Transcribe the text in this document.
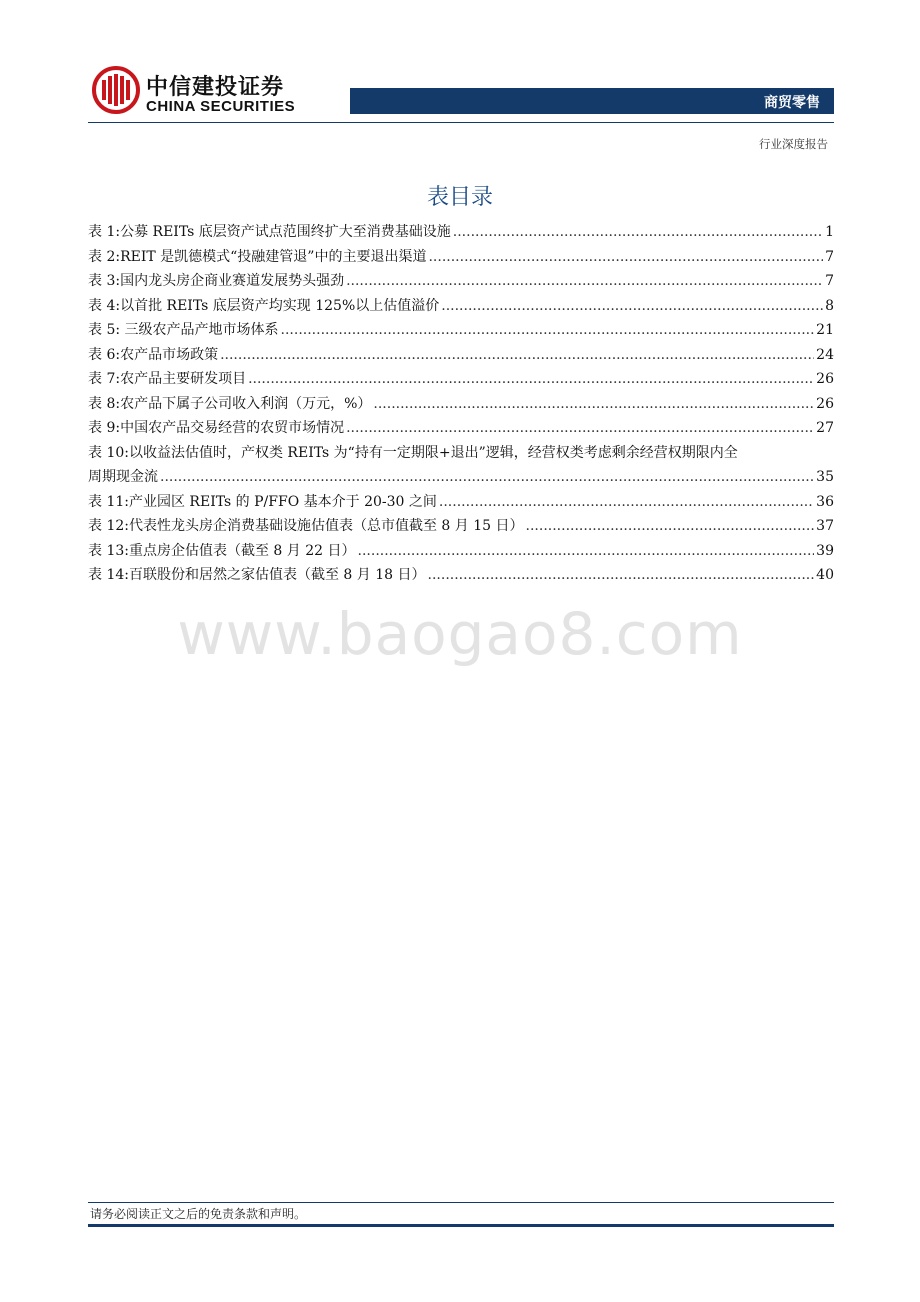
中信建投证券
CHINA SECURITIES	商贸零售
行业深度报告
表目录
表 1:公募 REITs 底层资产试点范围终扩大至消费基础设施 .....	1
表 2:REIT 是凯德模式“投融建管退”中的主要退出渠道 .....	7
表 3:国内龙头房企商业赛道发展势头强劲 .....	7
表 4:以首批 REITs 底层资产均实现 125%以上估值溢价 .....	8
表 5: 三级农产品产地市场体系 .....	21
表 6:农产品市场政策 .....	24
表 7:农产品主要研发项目 .....	26
表 8:农产品下属子公司收入利润（万元，%） .....	26
表 9:中国农产品交易经营的农贸市场情况 .....	27
表 10:以收益法估值时，产权类 REITs 为“持有一定期限+退出”逻辑，经营权类考虑剩余经营权期限内全
周期现金流 .....	35
表 11:产业园区 REITs 的 P/FFO 基本介于 20-30 之间 .....	36
表 12:代表性龙头房企消费基础设施估值表（总市值截至 8 月 15 日） .....	37
表 13:重点房企估值表（截至 8 月 22 日） .....	39
表 14:百联股份和居然之家估值表（截至 8 月 18 日） .....	40
www.baogao8.com
请务必阅读正文之后的免责条款和声明。
